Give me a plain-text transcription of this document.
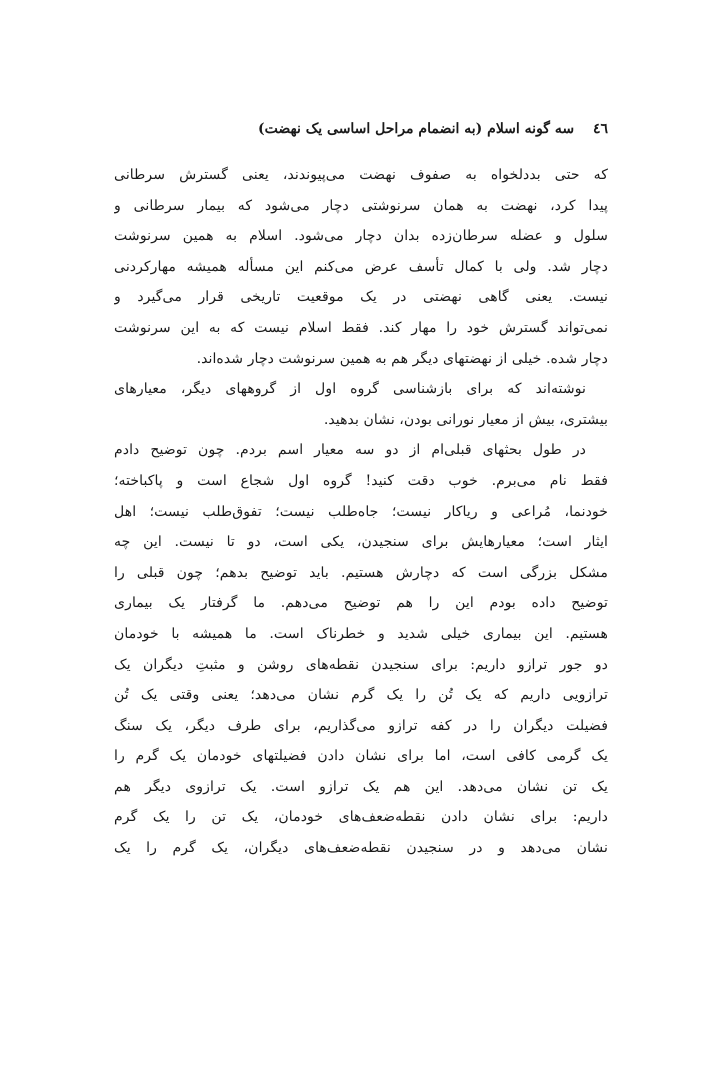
٤٦ سه گونه اسلام (به انضمام مراحل اساسی یک نهضت)
که حتی بددلخواه به صفوف نهضت می‌پیوندند، یعنی گسترش سرطانی
پیدا کرد، نهضت به همان سرنوشتی دچار می‌شود که بیمار سرطانی و
سلول و عضله سرطان‌زده بدان دچار می‌شود. اسلام به همین سرنوشت
دچار شد. ولی با کمال تأسف عرض می‌کنم این مسأله همیشه مهارکردنی
نیست. یعنی گاهی نهضتی در یک موقعیت تاریخی قرار می‌گیرد و
نمی‌تواند گسترش خود را مهار کند. فقط اسلام نیست که به این سرنوشت
دچار شده. خیلی از نهضتهای دیگر هم به همین سرنوشت دچار شده‌اند.
نوشته‌اند که برای بازشناسی گروه اول از گروههای دیگر، معیارهای
بیشتری، بیش از معیار نورانی بودن، نشان بدهید.
در طول بحثهای قبلی‌ام از دو سه معیار اسم بردم. چون توضیح دادم
فقط نام می‌برم. خوب دقت کنید! گروه اول شجاع است و پاکباخته؛
خودنما، مُراعی و ریاکار نیست؛ جاه‌طلب نیست؛ تفوق‌طلب نیست؛ اهل
ایثار است؛ معیارهایش برای سنجیدن، یکی است، دو تا نیست. این چه
مشکل بزرگی است که دچارش هستیم. باید توضیح بدهم؛ چون قبلی را
توضیح داده بودم این را هم توضیح می‌دهم. ما گرفتار یک بیماری
هستیم. این بیماری خیلی شدید و خطرناک است. ما همیشه با خودمان
دو جور ترازو داریم: برای سنجیدن نقطه‌های روشن و مثبتِ دیگران یک
ترازویی داریم که یک تُن را یک گرم نشان می‌دهد؛ یعنی وقتی یک تُن
فضیلت دیگران را در کفه ترازو می‌گذاریم، برای طرف دیگر، یک سنگ
یک گرمی کافی است، اما برای نشان دادن فضیلتهای خودمان یک گرم را
یک تن نشان می‌دهد. این هم یک ترازو است. یک ترازوی دیگر هم
داریم: برای نشان دادن نقطه‌ضعف‌های خودمان، یک تن را یک گرم
نشان می‌دهد و در سنجیدن نقطه‌ضعف‌های دیگران، یک گرم را یک
